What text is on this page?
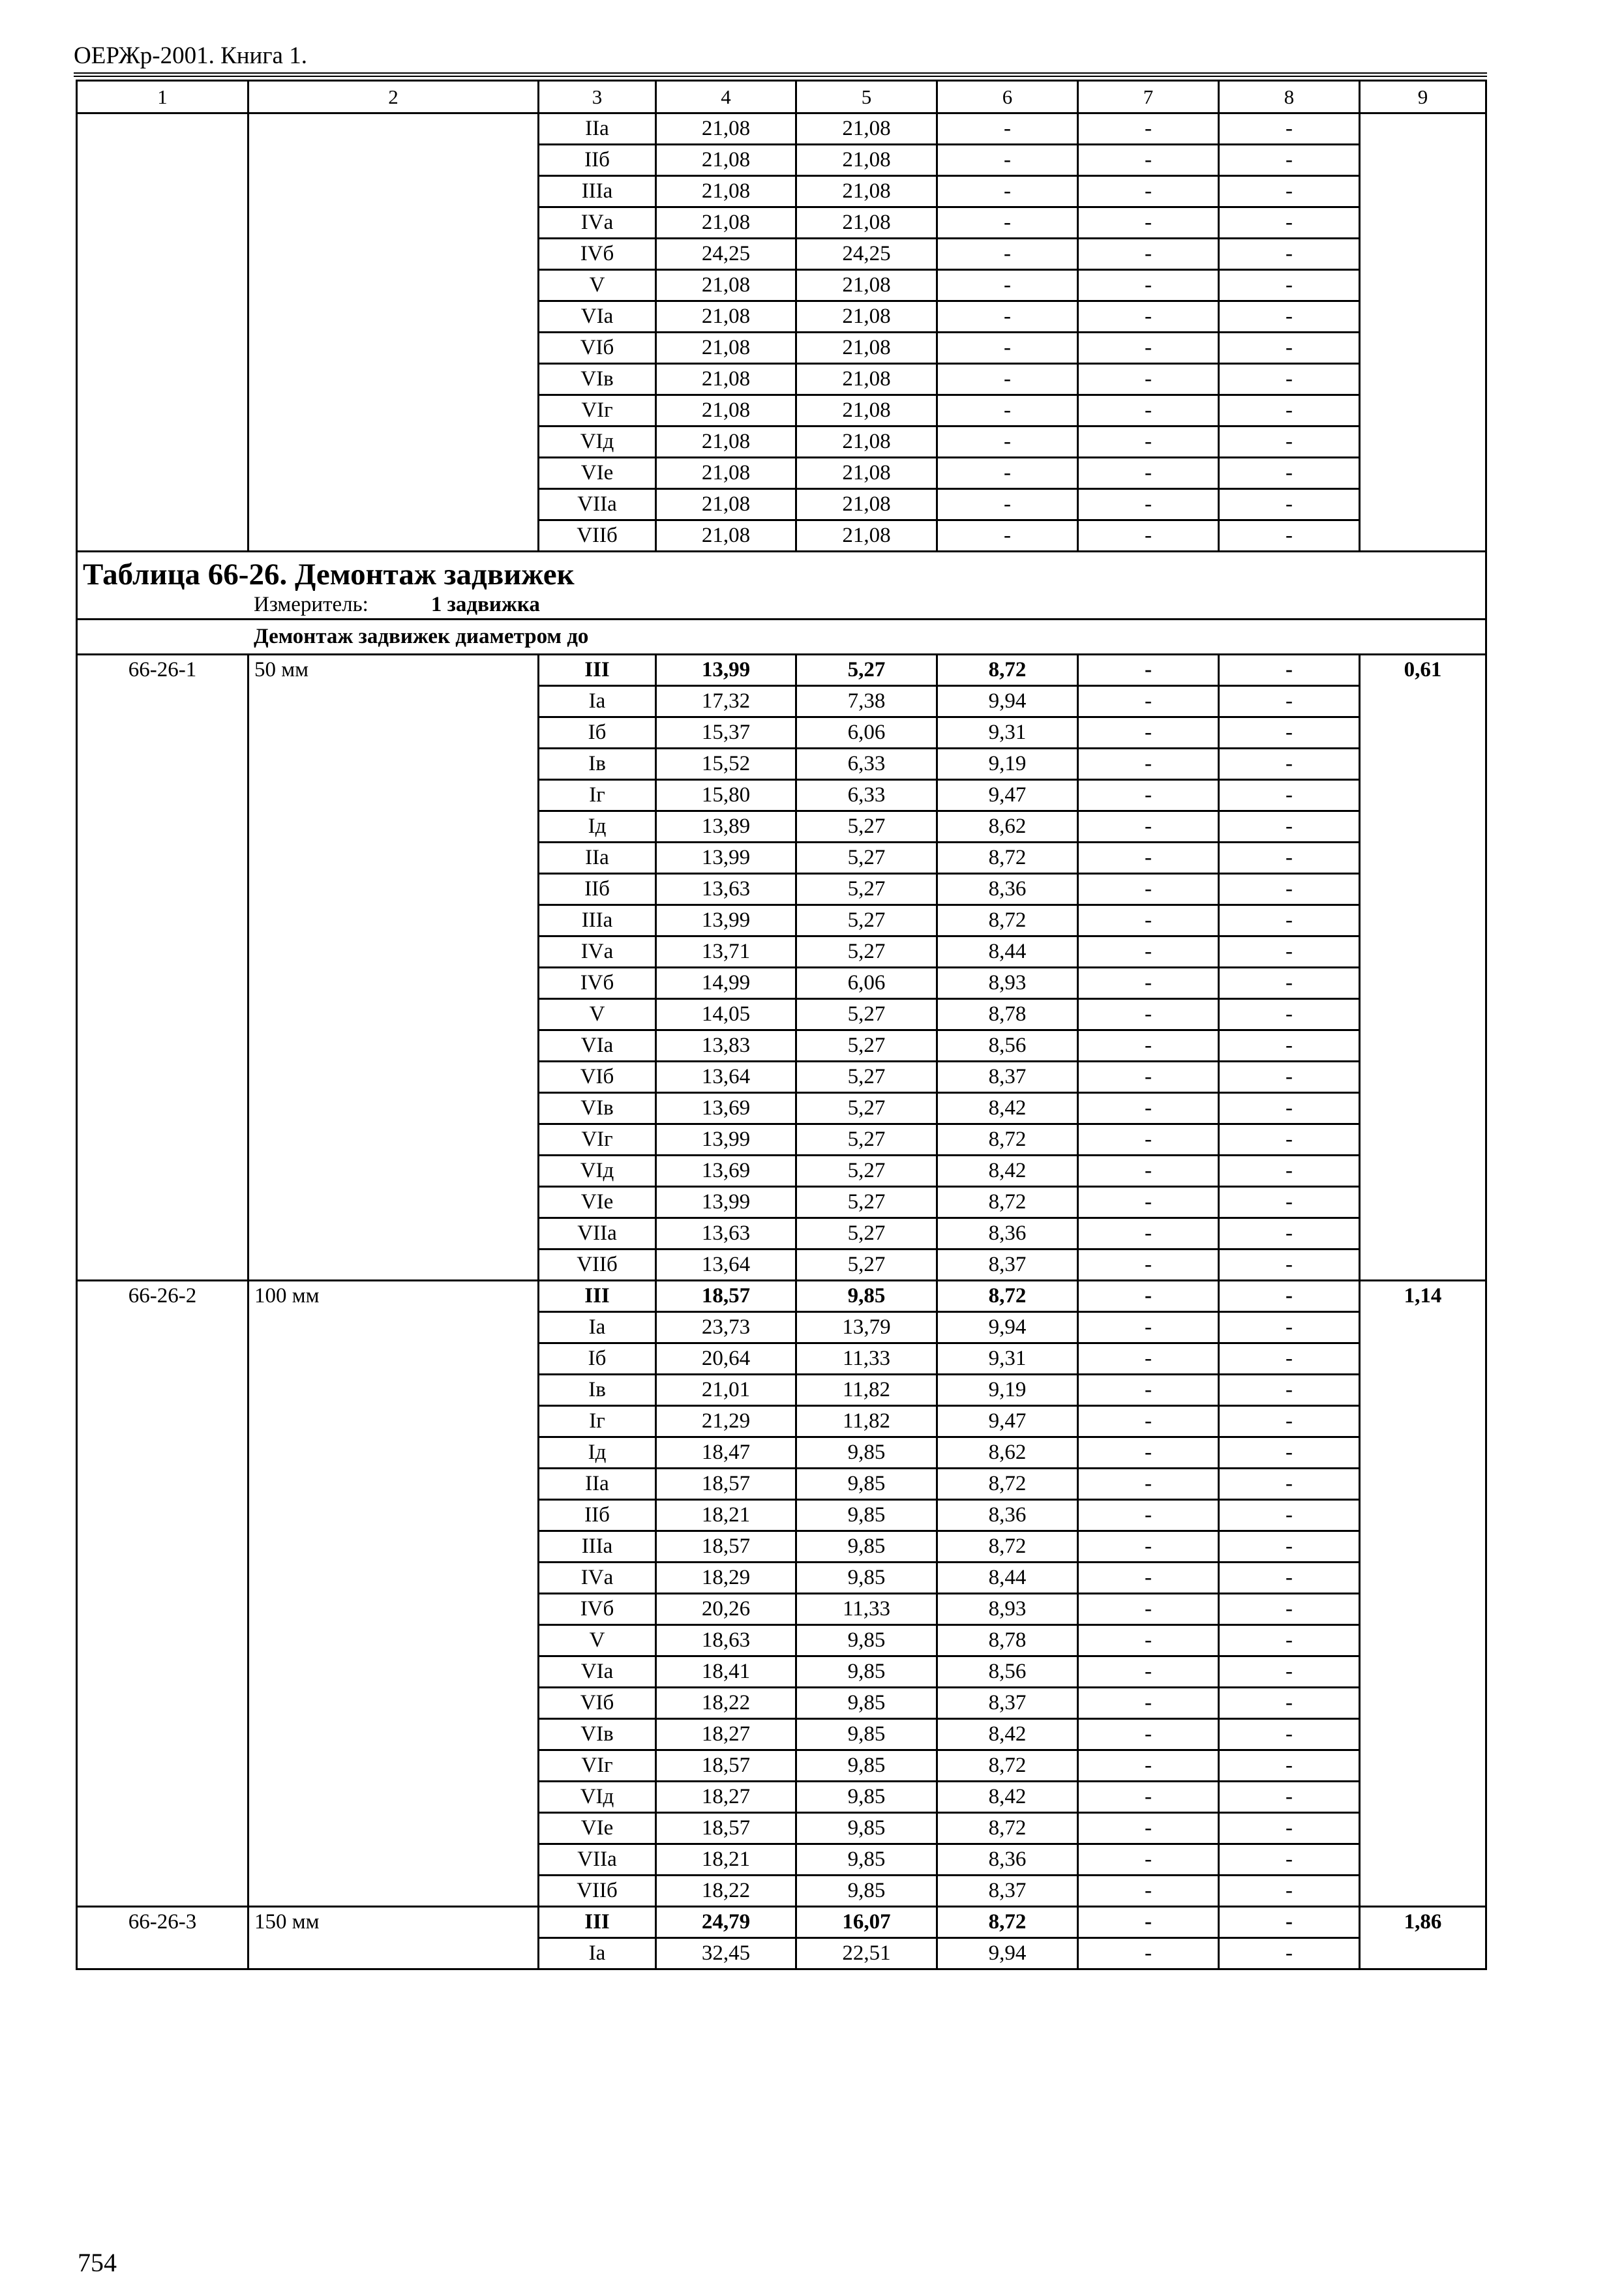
ОЕРЖр-2001. Книга 1.
1	2	3	4	5	6	7	8	9
		IIа	21,08	21,08	-	-	-	
		IIб	21,08	21,08	-	-	-	
		IIIа	21,08	21,08	-	-	-	
		IVа	21,08	21,08	-	-	-	
		IVб	24,25	24,25	-	-	-	
		V	21,08	21,08	-	-	-	
		VIа	21,08	21,08	-	-	-	
		VIб	21,08	21,08	-	-	-	
		VIв	21,08	21,08	-	-	-	
		VIг	21,08	21,08	-	-	-	
		VIд	21,08	21,08	-	-	-	
		VIе	21,08	21,08	-	-	-	
		VIIа	21,08	21,08	-	-	-	
		VIIб	21,08	21,08	-	-	-	
Таблица 66-26. Демонтаж задвижек								
Измеритель: 1 задвижка								
Демонтаж задвижек диаметром до								
66-26-1	50 мм	III	13,99	5,27	8,72	-	-	0,61
		Iа	17,32	7,38	9,94	-	-	
		Iб	15,37	6,06	9,31	-	-	
		Iв	15,52	6,33	9,19	-	-	
		Iг	15,80	6,33	9,47	-	-	
		Iд	13,89	5,27	8,62	-	-	
		IIа	13,99	5,27	8,72	-	-	
		IIб	13,63	5,27	8,36	-	-	
		IIIа	13,99	5,27	8,72	-	-	
		IVа	13,71	5,27	8,44	-	-	
		IVб	14,99	6,06	8,93	-	-	
		V	14,05	5,27	8,78	-	-	
		VIа	13,83	5,27	8,56	-	-	
		VIб	13,64	5,27	8,37	-	-	
		VIв	13,69	5,27	8,42	-	-	
		VIг	13,99	5,27	8,72	-	-	
		VIд	13,69	5,27	8,42	-	-	
		VIе	13,99	5,27	8,72	-	-	
		VIIа	13,63	5,27	8,36	-	-	
		VIIб	13,64	5,27	8,37	-	-	
66-26-2	100 мм	III	18,57	9,85	8,72	-	-	1,14
		Iа	23,73	13,79	9,94	-	-	
		Iб	20,64	11,33	9,31	-	-	
		Iв	21,01	11,82	9,19	-	-	
		Iг	21,29	11,82	9,47	-	-	
		Iд	18,47	9,85	8,62	-	-	
		IIа	18,57	9,85	8,72	-	-	
		IIб	18,21	9,85	8,36	-	-	
		IIIа	18,57	9,85	8,72	-	-	
		IVа	18,29	9,85	8,44	-	-	
		IVб	20,26	11,33	8,93	-	-	
		V	18,63	9,85	8,78	-	-	
		VIа	18,41	9,85	8,56	-	-	
		VIб	18,22	9,85	8,37	-	-	
		VIв	18,27	9,85	8,42	-	-	
		VIг	18,57	9,85	8,72	-	-	
		VIд	18,27	9,85	8,42	-	-	
		VIе	18,57	9,85	8,72	-	-	
		VIIа	18,21	9,85	8,36	-	-	
		VIIб	18,22	9,85	8,37	-	-	
66-26-3	150 мм	III	24,79	16,07	8,72	-	-	1,86
		Iа	32,45	22,51	9,94	-	-	
754
